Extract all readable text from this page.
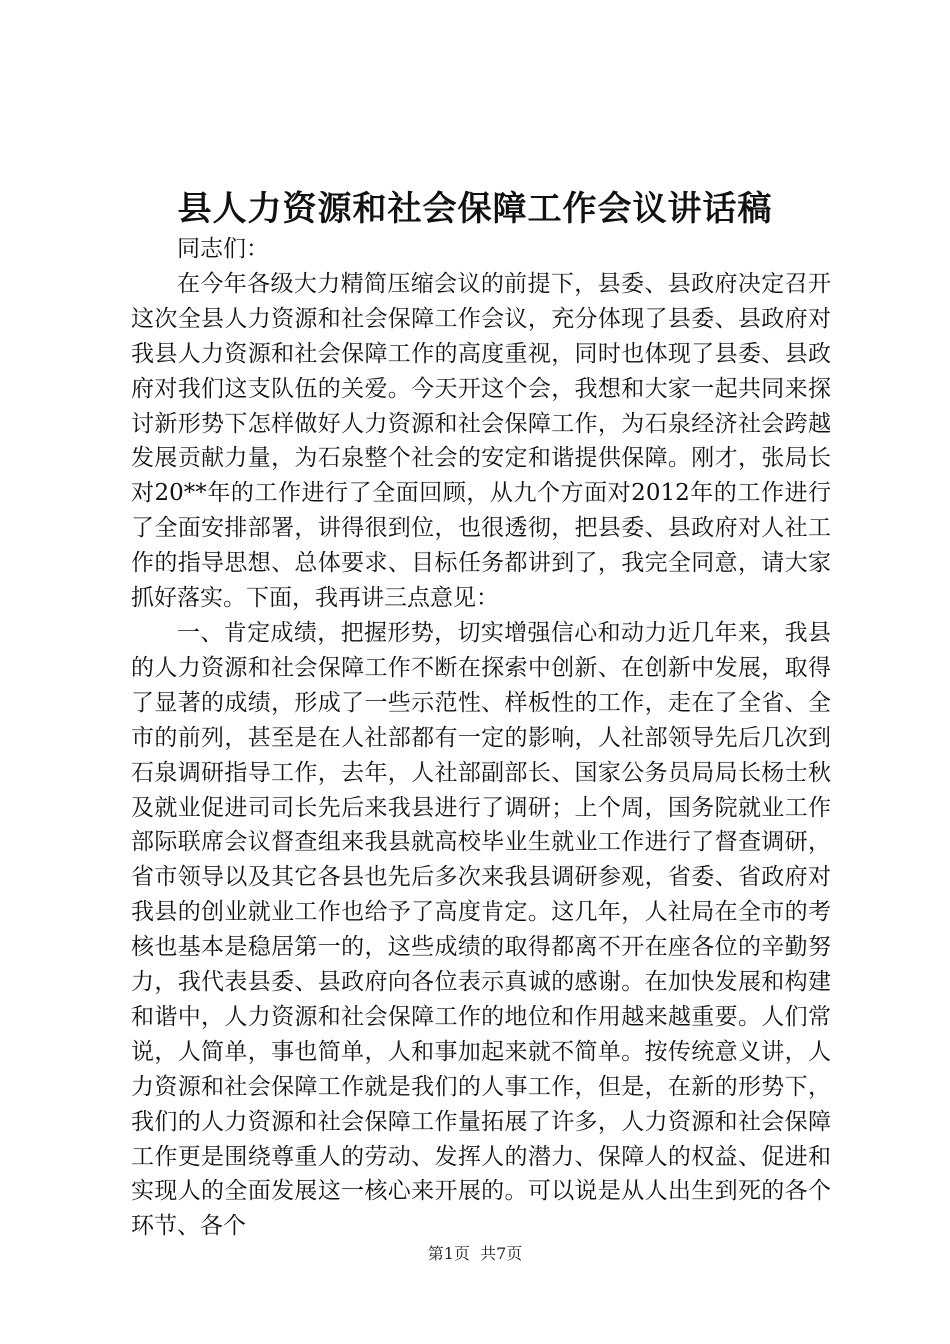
县人力资源和社会保障工作会议讲话稿

同志们：

在今年各级大力精简压缩会议的前提下，县委、县政府决定召开这次全县人力资源和社会保障工作会议，充分体现了县委、县政府对我县人力资源和社会保障工作的高度重视，同时也体现了县委、县政府对我们这支队伍的关爱。今天开这个会，我想和大家一起共同来探讨新形势下怎样做好人力资源和社会保障工作，为石泉经济社会跨越发展贡献力量，为石泉整个社会的安定和谐提供保障。刚才，张局长对20**年的工作进行了全面回顾，从九个方面对2012年的工作进行了全面安排部署，讲得很到位，也很透彻，把县委、县政府对人社工作的指导思想、总体要求、目标任务都讲到了，我完全同意，请大家抓好落实。下面，我再讲三点意见：

一、肯定成绩，把握形势，切实增强信心和动力近几年来，我县的人力资源和社会保障工作不断在探索中创新、在创新中发展，取得了显著的成绩，形成了一些示范性、样板性的工作，走在了全省、全市的前列，甚至是在人社部都有一定的影响，人社部领导先后几次到石泉调研指导工作，去年，人社部副部长、国家公务员局局长杨士秋及就业促进司司长先后来我县进行了调研；上个周，国务院就业工作部际联席会议督查组来我县就高校毕业生就业工作进行了督查调研，省市领导以及其它各县也先后多次来我县调研参观，省委、省政府对我县的创业就业工作也给予了高度肯定。这几年，人社局在全市的考核也基本是稳居第一的，这些成绩的取得都离不开在座各位的辛勤努力，我代表县委、县政府向各位表示真诚的感谢。在加快发展和构建和谐中，人力资源和社会保障工作的地位和作用越来越重要。人们常说，人简单，事也简单，人和事加起来就不简单。按传统意义讲，人力资源和社会保障工作就是我们的人事工作，但是，在新的形势下，我们的人力资源和社会保障工作量拓展了许多，人力资源和社会保障工作更是围绕尊重人的劳动、发挥人的潜力、保障人的权益、促进和实现人的全面发展这一核心来开展的。可以说是从人出生到死的各个环节、各个

第1页  共7页
